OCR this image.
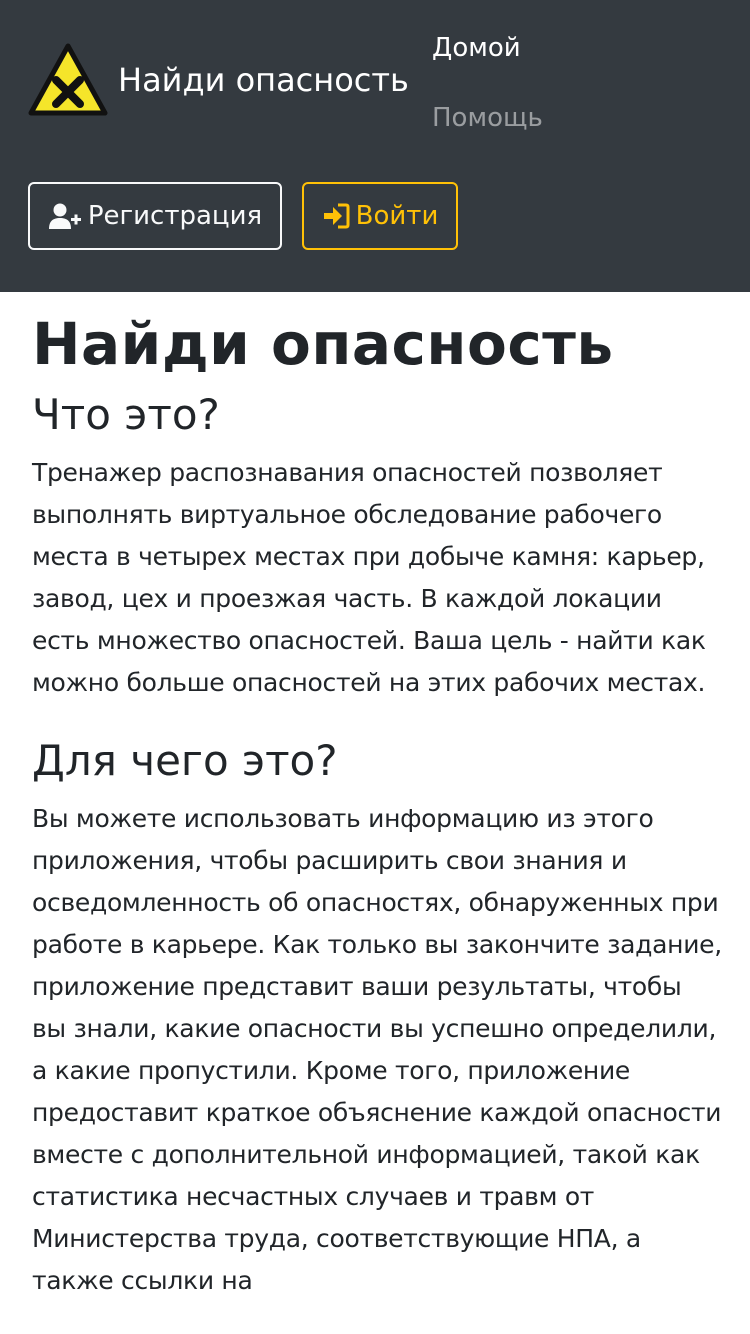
Найди опасность
Домой
Помощь
Регистрация	Войти
Найди опасность
Что это?

Тренажер распознавания опасностей позволяет выполнять виртуальное обследование рабочего места в четырех местах при добыче камня: карьер, завод, цех и проезжая часть. В каждой локации есть множество опасностей. Ваша цель - найти как можно больше опасностей на этих рабочих местах.

Для чего это?

Вы можете использовать информацию из этого приложения, чтобы расширить свои знания и осведомленность об опасностях, обнаруженных при работе в карьере. Как только вы закончите задание, приложение представит ваши результаты, чтобы вы знали, какие опасности вы успешно определили, а какие пропустили. Кроме того, приложение предоставит краткое объяснение каждой опасности вместе с дополнительной информацией, такой как статистика несчастных случаев и травм от Министерства труда, соответствующие НПА, а также ссылки на
